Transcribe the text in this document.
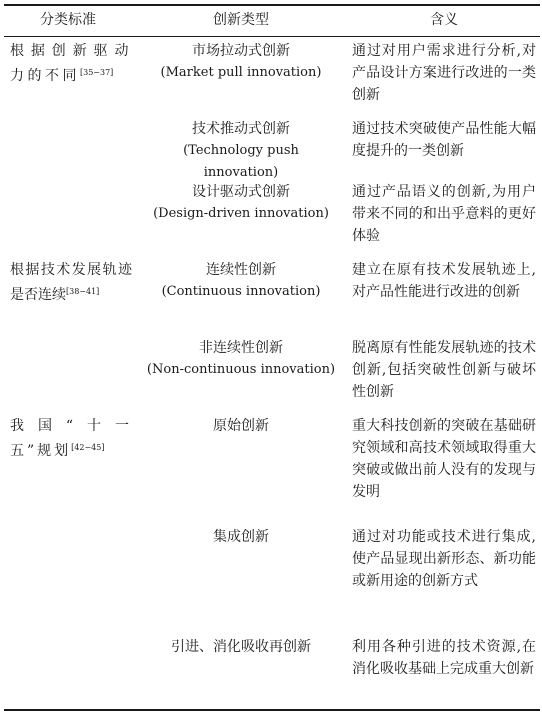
分类标准	创新类型	含义
根据创新驱动力的不同[35−37]
根据技术发展轨迹是否连续[38−41]
我国“十一五”规划[42−45]
市场拉动式创新
(Market pull innovation)
技术推动式创新
(Technology push innovation)
设计驱动式创新
(Design-driven innovation)
连续性创新
(Continuous innovation)
非连续性创新
(Non-continuous innovation)
原始创新
集成创新
引进、消化吸收再创新
通过对用户需求进行分析,对产品设计方案进行改进的一类创新
通过技术突破使产品性能大幅度提升的一类创新
通过产品语义的创新,为用户带来不同的和出乎意料的更好体验
建立在原有技术发展轨迹上,对产品性能进行改进的创新
脱离原有性能发展轨迹的技术创新,包括突破性创新与破坏性创新
重大科技创新的突破在基础研究领域和高技术领域取得重大突破或做出前人没有的发现与发明
通过对功能或技术进行集成,使产品显现出新形态、新功能或新用途的创新方式
利用各种引进的技术资源,在消化吸收基础上完成重大创新
